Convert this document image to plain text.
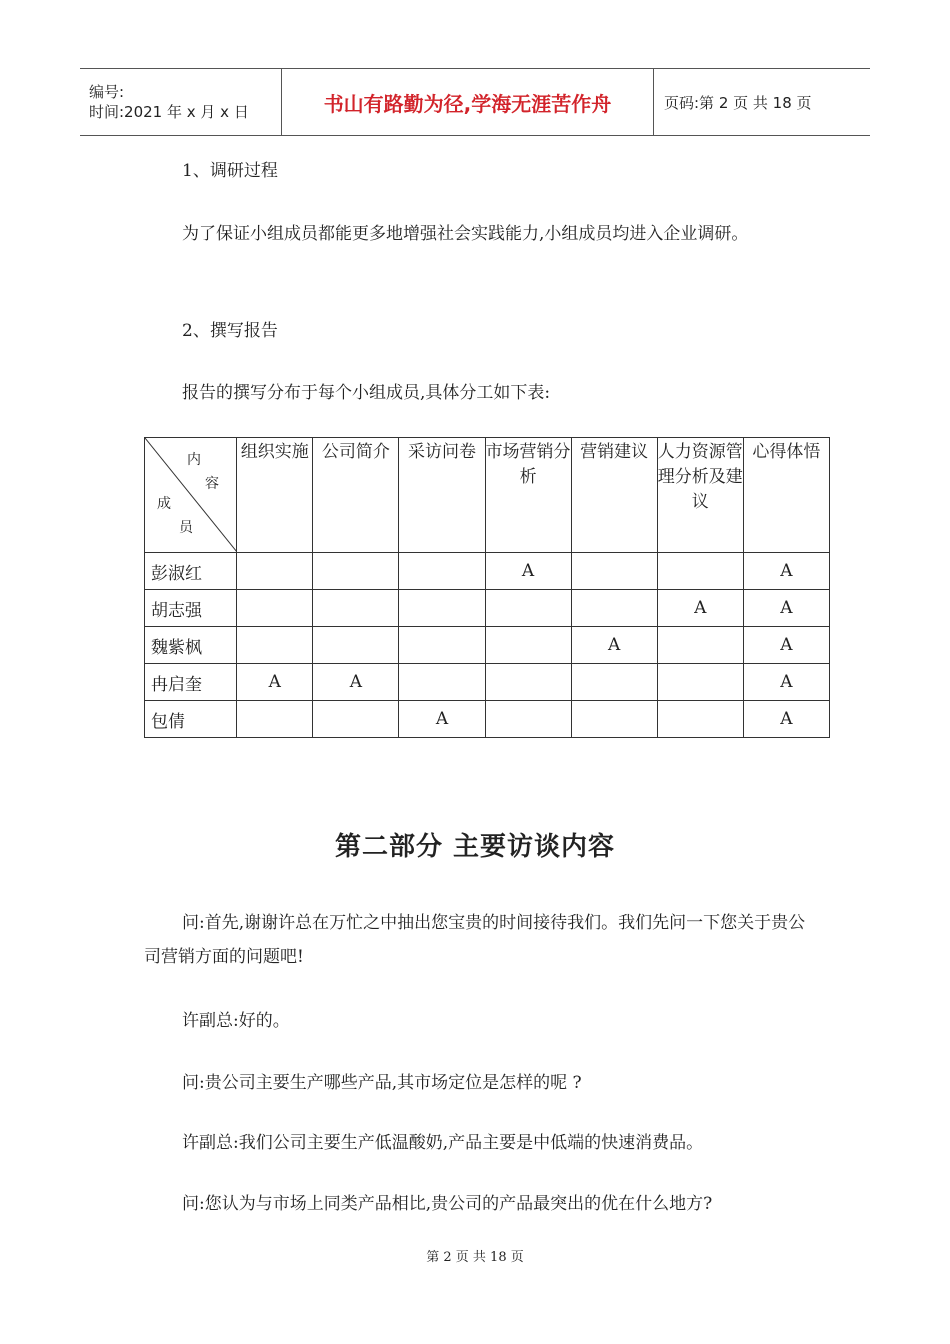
编号:
时间:2021 年 x 月 x 日	书山有路勤为径,学海无涯苦作舟	页码:第 2 页 共 18 页
1、调研过程
为了保证小组成员都能更多地增强社会实践能力,小组成员均进入企业调研。
2、撰写报告
报告的撰写分布于每个小组成员,具体分工如下表:
内
容
成
员	组织实施	公司简介	采访问卷	市场营销分析	营销建议	人力资源管理分析及建议	心得体悟
彭淑红				A			A
胡志强						A	A
魏紫枫					A		A
冉启奎	A	A					A
包倩			A				A
第二部分 主要访谈内容
问:首先,谢谢许总在万忙之中抽出您宝贵的时间接待我们。我们先问一下您关于贵公司营销方面的问题吧!
许副总:好的。
问:贵公司主要生产哪些产品,其市场定位是怎样的呢 ?
许副总:我们公司主要生产低温酸奶,产品主要是中低端的快速消费品。
问:您认为与市场上同类产品相比,贵公司的产品最突出的优在什么地方?
第 2 页 共 18 页
